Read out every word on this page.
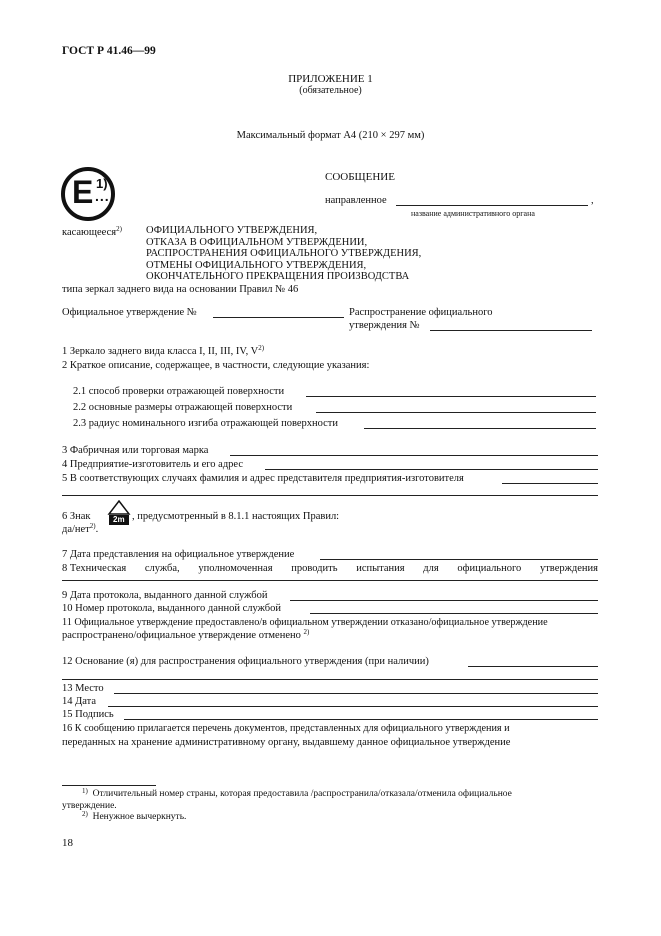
ГОСТ Р 41.46—99
ПРИЛОЖЕНИЕ 1
(обязательное)
Максимальный формат А4 (210 × 297 мм)
E 1)
...
СООБЩЕНИЕ
направленное	,
название административного органа
касающееся$^{2)}$ ОФИЦИАЛЬНОГО УТВЕРЖДЕНИЯ,
ОТКАЗА В ОФИЦИАЛЬНОМ УТВЕРЖДЕНИИ,
РАСПРОСТРАНЕНИЯ ОФИЦИАЛЬНОГО УТВЕРЖДЕНИЯ,
ОТМЕНЫ ОФИЦИАЛЬНОГО УТВЕРЖДЕНИЯ,
ОКОНЧАТЕЛЬНОГО ПРЕКРАЩЕНИЯ ПРОИЗВОДСТВА
типа зеркал заднего вида на основании Правил № 46
Официальное утверждение №	Распространение официального
утверждения №
1 Зеркало заднего вида класса I, II, III, IV, $V^{2)}$
2 Краткое описание, содержащее, в частности, следующие указания:
2.1 способ проверки отражающей поверхности
2.2 основные размеры отражающей поверхности
2.3 радиус номинального изгиба отражающей поверхности
3 Фабричная или торговая марка
4 Предприятие-изготовитель и его адрес
5 В соответствующих случаях фамилия и адрес представителя предприятия-изготовителя
6 Знак	2m , предусмотренный в 8.1.1 настоящих Правил:
да/нет$^{2)}$.
7 Дата представления на официальное утверждение
8 Техническая служба, уполномоченная проводить испытания для официального утверждения
9 Дата протокола, выданного данной службой
10 Номер протокола, выданного данной службой
11 Официальное утверждение предоставлено/в официальном утверждении отказано/официальное утверждение
распространено/официальное утверждение отменено $^{2)}$
12 Основание (я) для распространения официального утверждения (при наличии)
13 Место
14 Дата
15 Подпись
16 К сообщению прилагается перечень документов, представленных для официального утверждения и
переданных на хранение административному органу, выдавшему данное официальное утверждение
$^{1)}$ Отличительный номер страны, которая предоставила /распространила/отказала/отменила официальное
утверждение.
$^{2)}$ Ненужное вычеркнуть.
18
